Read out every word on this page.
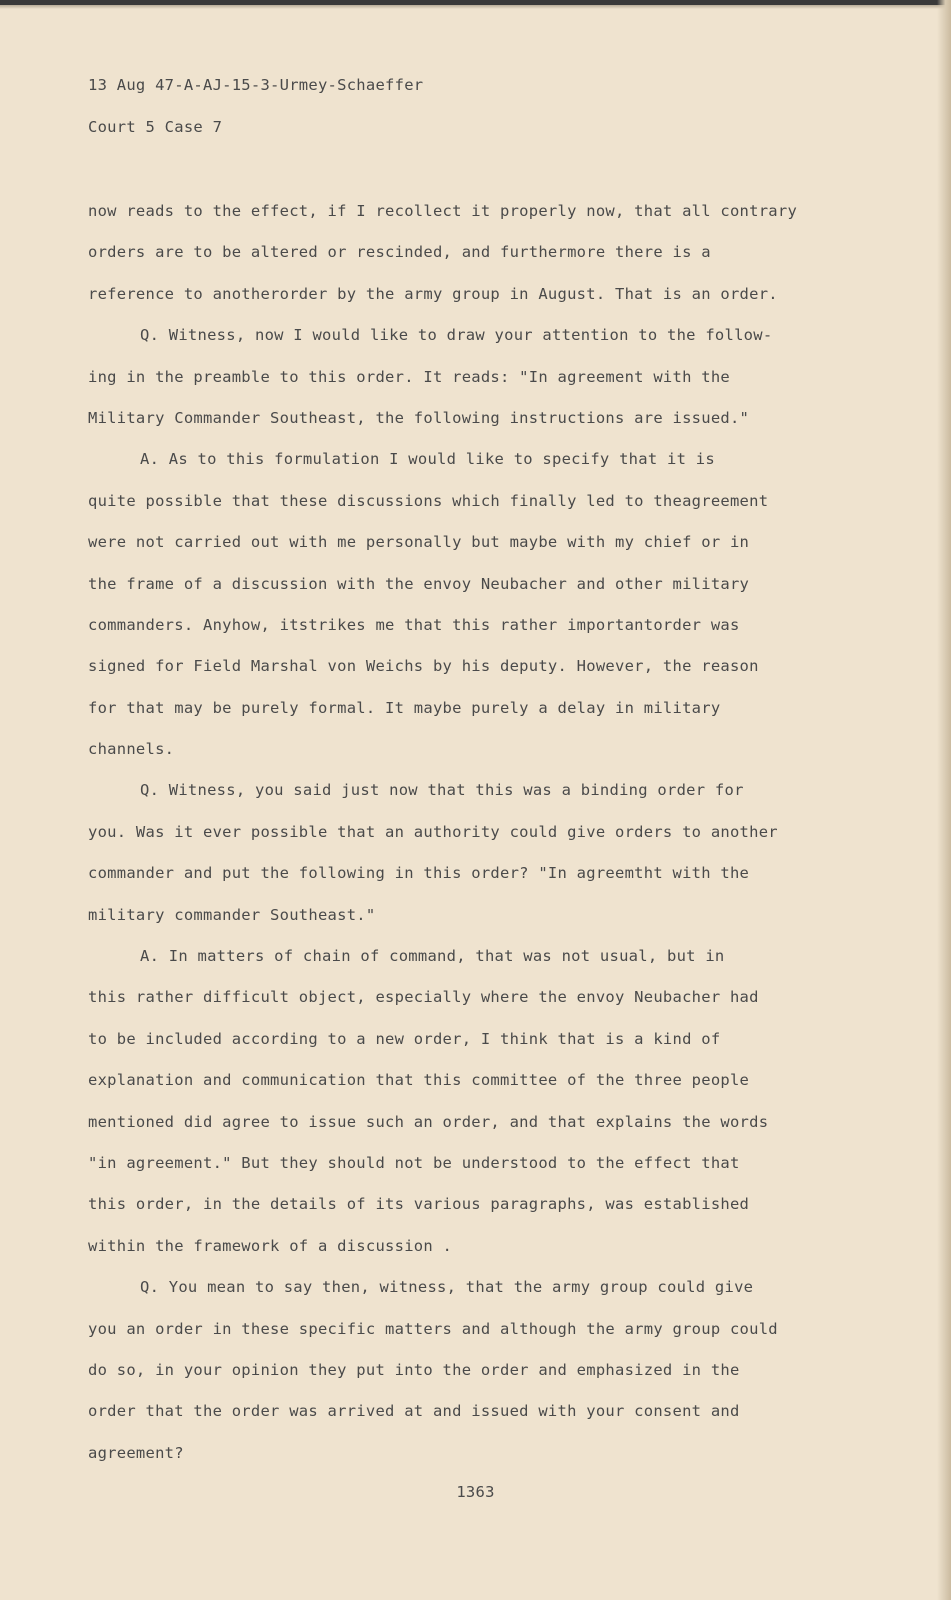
13 Aug 47-A-AJ-15-3-Urmey-Schaeffer
Court 5 Case 7
now reads to the effect, if I recollect it properly now, that all contrary
orders are to be altered or rescinded, and furthermore there is a
reference to anotherorder by the army group in August. That is an order.
Q. Witness, now I would like to draw your attention to the follow-
ing in the preamble to this order. It reads: "In agreement with the
Military Commander Southeast, the following instructions are issued."
A. As to this formulation I would like to specify that it is
quite possible that these discussions which finally led to theagreement
were not carried out with me personally but maybe with my chief or in
the frame of a discussion with the envoy Neubacher and other military
commanders. Anyhow, itstrikes me that this rather importantorder was
signed for Field Marshal von Weichs by his deputy. However, the reason
for that may be purely formal. It maybe purely a delay in military
channels.
Q. Witness, you said just now that this was a binding order for
you. Was it ever possible that an authority could give orders to another
commander and put the following in this order? "In agreemtht with the
military commander Southeast."
A. In matters of chain of command, that was not usual, but in
this rather difficult object, especially where the envoy Neubacher had
to be included according to a new order, I think that is a kind of
explanation and communication that this committee of the three people
mentioned did agree to issue such an order, and that explains the words
"in agreement." But they should not be understood to the effect that
this order, in the details of its various paragraphs, was established
within the framework of a discussion .
Q. You mean to say then, witness, that the army group could give
you an order in these specific matters and although the army group could
do so, in your opinion they put into the order and emphasized in the
order that the order was arrived at and issued with your consent and
agreement?
1363
